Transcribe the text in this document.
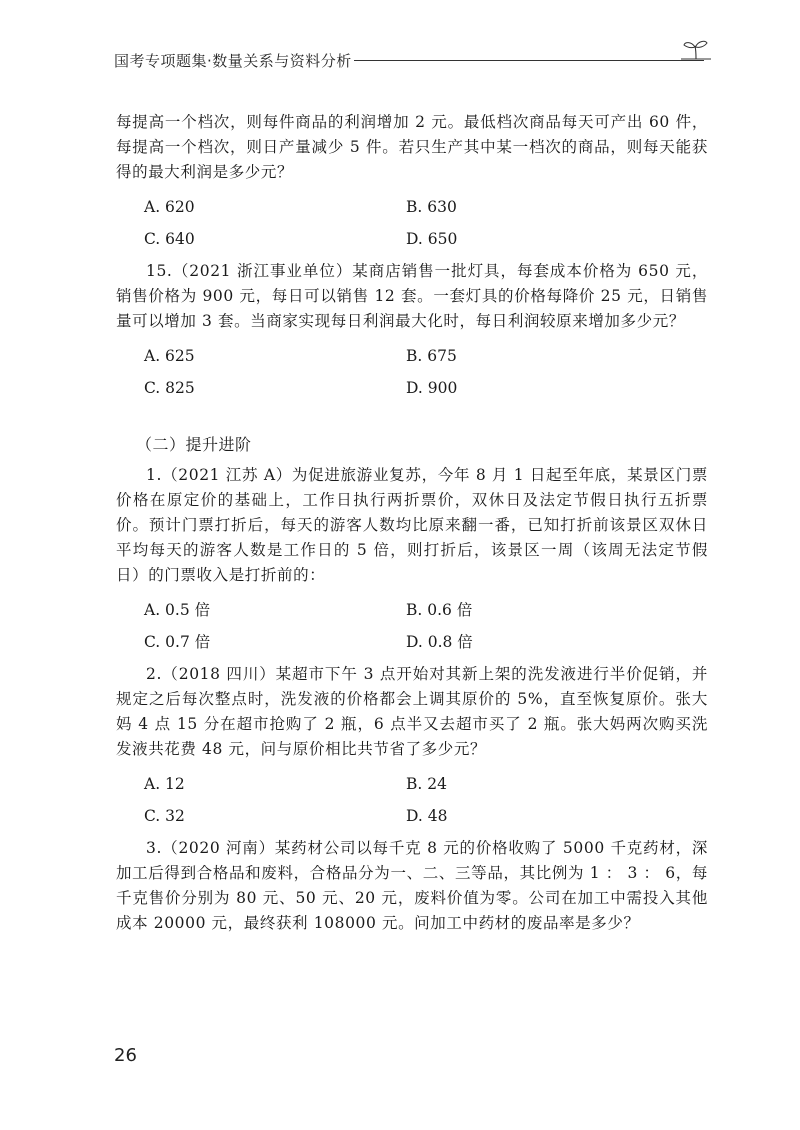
国考专项题集·数量关系与资料分析

每提高一个档次，则每件商品的利润增加 2 元。最低档次商品每天可产出 60 件，每提高一个档次，则日产量减少 5 件。若只生产其中某一档次的商品，则每天能获得的最大利润是多少元？

A. 620	B. 630
C. 640	D. 650

15.（2021 浙江事业单位）某商店销售一批灯具，每套成本价格为 650 元，销售价格为 900 元，每日可以销售 12 套。一套灯具的价格每降价 25 元，日销售量可以增加 3 套。当商家实现每日利润最大化时，每日利润较原来增加多少元？

A. 625	B. 675
C. 825	D. 900
（二）提升进阶

1.（2021 江苏 A）为促进旅游业复苏，今年 8 月 1 日起至年底，某景区门票价格在原定价的基础上，工作日执行两折票价，双休日及法定节假日执行五折票价。预计门票打折后，每天的游客人数均比原来翻一番，已知打折前该景区双休日平均每天的游客人数是工作日的 5 倍，则打折后，该景区一周（该周无法定节假日）的门票收入是打折前的：

A. 0.5 倍	B. 0.6 倍
C. 0.7 倍	D. 0.8 倍

2.（2018 四川）某超市下午 3 点开始对其新上架的洗发液进行半价促销，并规定之后每次整点时，洗发液的价格都会上调其原价的 5%，直至恢复原价。张大妈 4 点 15 分在超市抢购了 2 瓶，6 点半又去超市买了 2 瓶。张大妈两次购买洗发液共花费 48 元，问与原价相比共节省了多少元？

A. 12	B. 24
C. 32	D. 48

3.（2020 河南）某药材公司以每千克 8 元的价格收购了 5000 千克药材，深加工后得到合格品和废料，合格品分为一、二、三等品，其比例为 1 ： 3 ： 6，每千克售价分别为 80 元、50 元、20 元，废料价值为零。公司在加工中需投入其他成本 20000 元，最终获利 108000 元。问加工中药材的废品率是多少？

26
